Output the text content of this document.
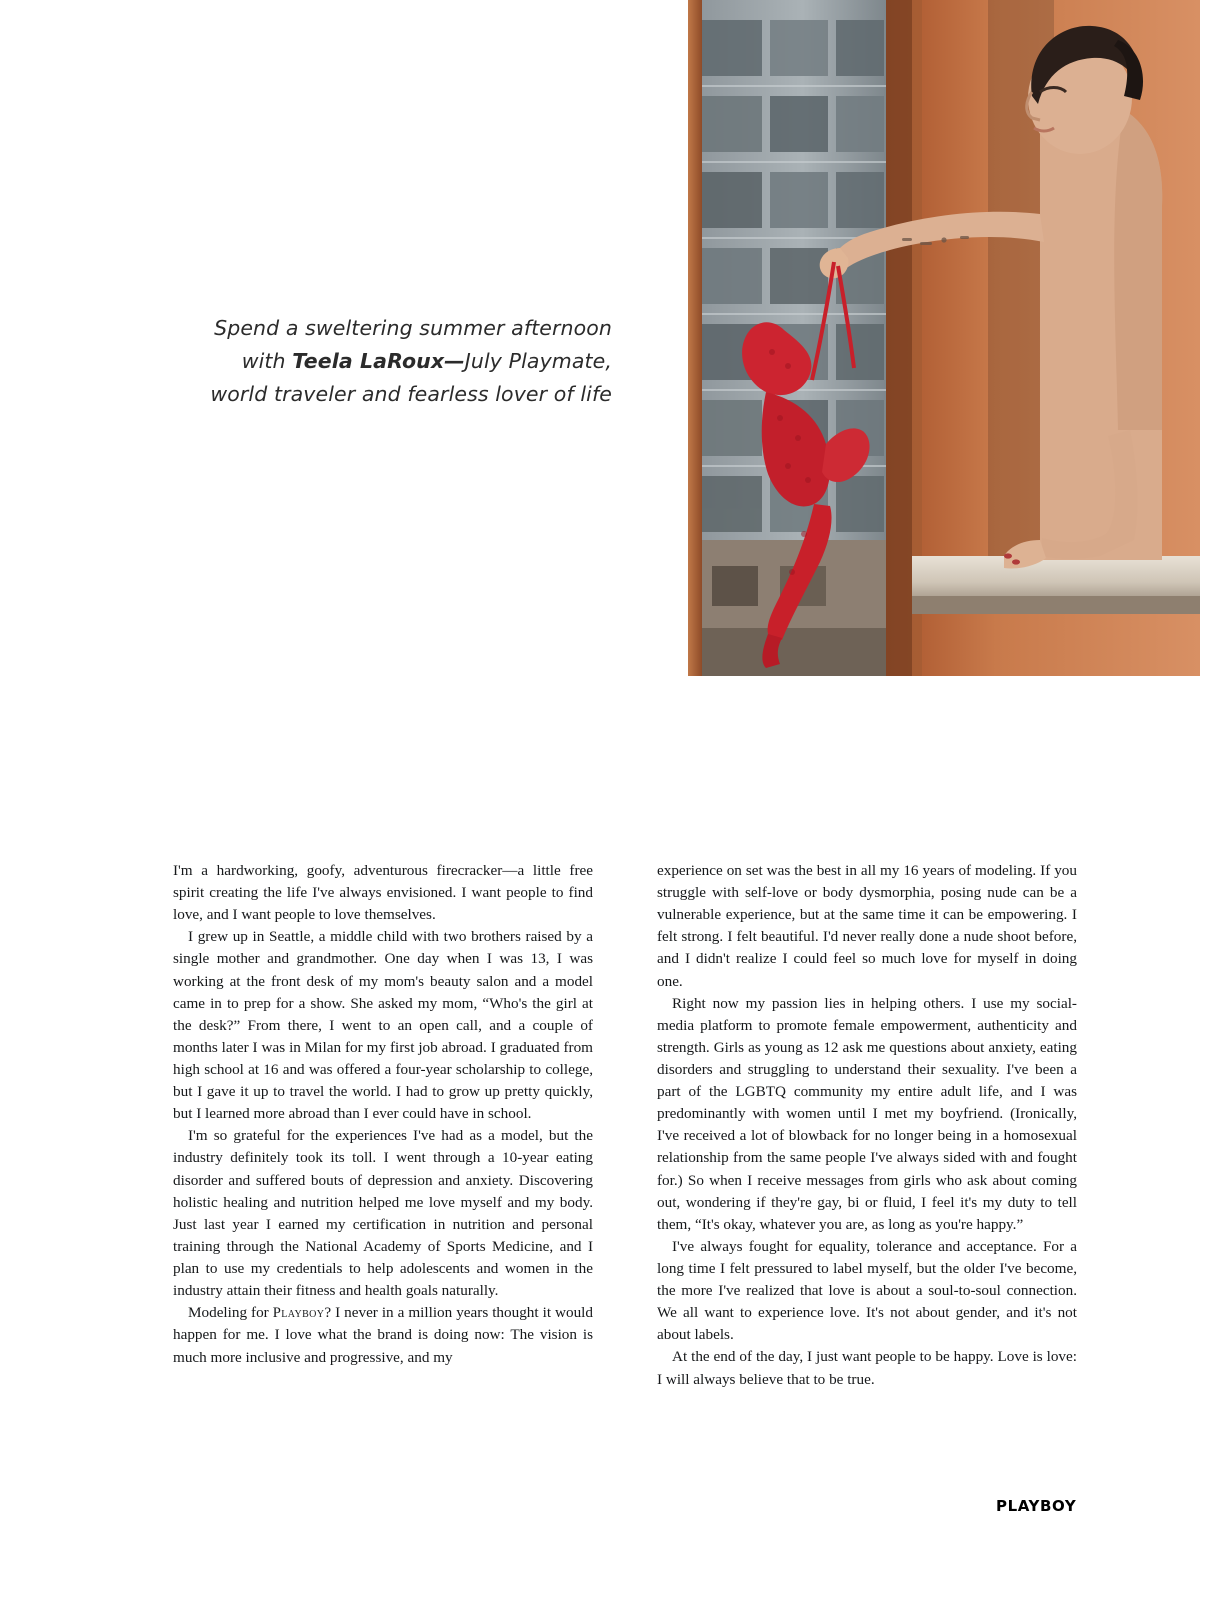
Spend a sweltering summer afternoon
with Teela LaRoux—July Playmate,
world traveler and fearless lover of life

I'm a hardworking, goofy, adventurous firecracker—a little free spirit creating the life I've always envisioned. I want people to find love, and I want people to love themselves.

I grew up in Seattle, a middle child with two brothers raised by a single mother and grandmother. One day when I was 13, I was working at the front desk of my mom's beauty salon and a model came in to prep for a show. She asked my mom, “Who's the girl at the desk?” From there, I went to an open call, and a couple of months later I was in Milan for my first job abroad. I graduated from high school at 16 and was offered a four-year scholarship to college, but I gave it up to travel the world. I had to grow up pretty quickly, but I learned more abroad than I ever could have in school.

I'm so grateful for the experiences I've had as a model, but the industry definitely took its toll. I went through a 10-year eating disorder and suffered bouts of depression and anxiety. Discovering holistic healing and nutrition helped me love myself and my body. Just last year I earned my certification in nutrition and personal training through the National Academy of Sports Medicine, and I plan to use my credentials to help adolescents and women in the industry attain their fitness and health goals naturally.

Modeling for Playboy? I never in a million years thought it would happen for me. I love what the brand is doing now: The vision is much more inclusive and progressive, and my

experience on set was the best in all my 16 years of modeling. If you struggle with self-love or body dysmorphia, posing nude can be a vulnerable experience, but at the same time it can be empowering. I felt strong. I felt beautiful. I'd never really done a nude shoot before, and I didn't realize I could feel so much love for myself in doing one.

Right now my passion lies in helping others. I use my social-media platform to promote female empowerment, authenticity and strength. Girls as young as 12 ask me questions about anxiety, eating disorders and struggling to understand their sexuality. I've been a part of the LGBTQ community my entire adult life, and I was predominantly with women until I met my boyfriend. (Ironically, I've received a lot of blowback for no longer being in a homosexual relationship from the same people I've always sided with and fought for.) So when I receive messages from girls who ask about coming out, wondering if they're gay, bi or fluid, I feel it's my duty to tell them, “It's okay, whatever you are, as long as you're happy.”

I've always fought for equality, tolerance and acceptance. For a long time I felt pressured to label myself, but the older I've become, the more I've realized that love is about a soul-to-soul connection. We all want to experience love. It's not about gender, and it's not about labels.

At the end of the day, I just want people to be happy. Love is love: I will always believe that to be true.

PLAYBOY
